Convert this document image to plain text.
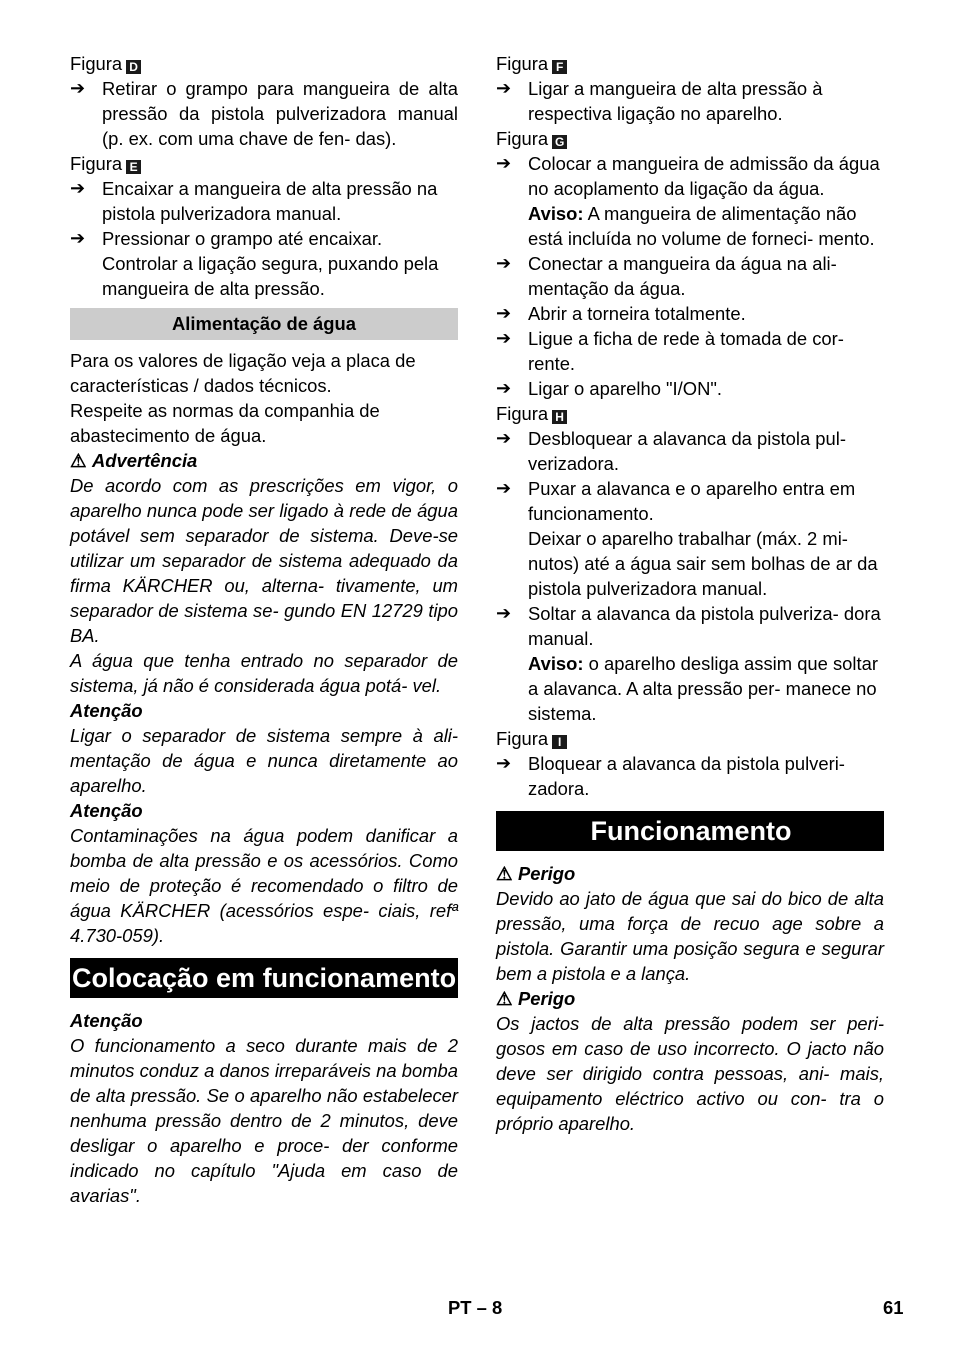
Figura D

➔ Retirar o grampo para mangueira de alta pressão da pistola pulverizadora manual (p. ex. com uma chave de fen- das).

Figura E

➔ Encaixar a mangueira de alta pressão na pistola pulverizadora manual.
➔ Pressionar o grampo até encaixar. Controlar a ligação segura, puxando pela mangueira de alta pressão.
Alimentação de água

Para os valores de ligação veja a placa de características / dados técnicos.

Respeite as normas da companhia de abastecimento de água.

⚠ Advertência

De acordo com as prescrições em vigor, o aparelho nunca pode ser ligado à rede de água potável sem separador de sistema. Deve-se utilizar um separador de sistema adequado da firma KÄRCHER ou, alterna- tivamente, um separador de sistema se- gundo EN 12729 tipo BA.

A água que tenha entrado no separador de sistema, já não é considerada água potá- vel.

Atenção

Ligar o separador de sistema sempre à ali- mentação de água e nunca diretamente ao aparelho.

Atenção

Contaminações na água podem danificar a bomba de alta pressão e os acessórios. Como meio de proteção é recomendado o filtro de água KÄRCHER (acessórios espe- ciais, refª 4.730-059).

Colocação em funcionamento

Atenção

O funcionamento a seco durante mais de 2 minutos conduz a danos irreparáveis na bomba de alta pressão. Se o aparelho não estabelecer nenhuma pressão dentro de 2 minutos, deve desligar o aparelho e proce- der conforme indicado no capítulo "Ajuda em caso de avarias".

Figura F

➔ Ligar a mangueira de alta pressão à respectiva ligação no aparelho.

Figura G

➔ Colocar a mangueira de admissão da água no acoplamento da ligação da água.
Aviso: A mangueira de alimentação não está incluída no volume de forneci- mento.
➔ Conectar a mangueira da água na ali- mentação da água.
➔ Abrir a torneira totalmente.
➔ Ligue a ficha de rede à tomada de cor- rente.
➔ Ligar o aparelho "I/ON".

Figura H

➔ Desbloquear a alavanca da pistola pul- verizadora.
➔ Puxar a alavanca e o aparelho entra em funcionamento.
Deixar o aparelho trabalhar (máx. 2 mi- nutos) até a água sair sem bolhas de ar da pistola pulverizadora manual.
➔ Soltar a alavanca da pistola pulveriza- dora manual.
Aviso: o aparelho desliga assim que soltar a alavanca. A alta pressão per- manece no sistema.

Figura I

➔ Bloquear a alavanca da pistola pulveri- zadora.
Funcionamento

⚠ Perigo

Devido ao jato de água que sai do bico de alta pressão, uma força de recuo age sobre a pistola. Garantir uma posição segura e segurar bem a pistola e a lança.

⚠ Perigo

Os jactos de alta pressão podem ser peri- gosos em caso de uso incorrecto. O jacto não deve ser dirigido contra pessoas, ani- mais, equipamento eléctrico activo ou con- tra o próprio aparelho.

PT – 8	61
